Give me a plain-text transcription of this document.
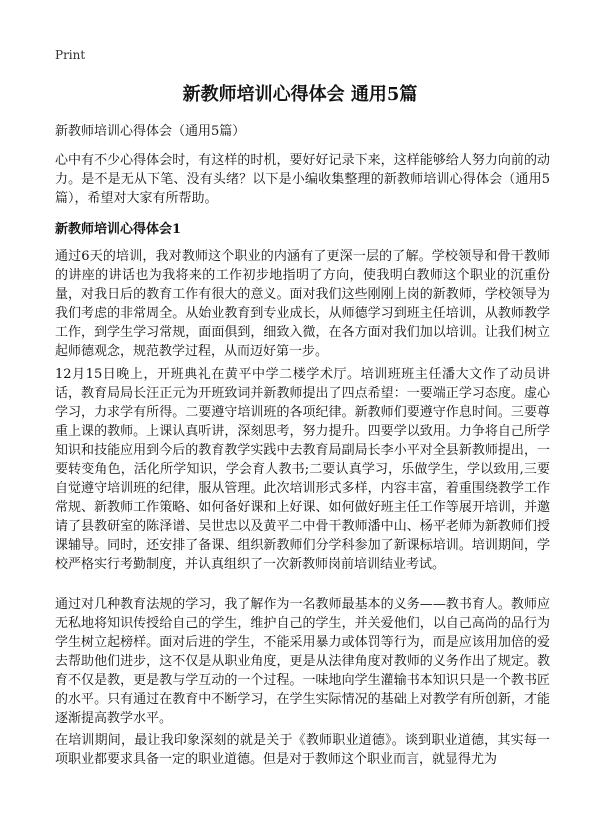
Print
新教师培训心得体会 通用5篇
新教师培训心得体会（通用5篇）

心中有不少心得体会时，有这样的时机，要好好记录下来，这样能够给人努力向前的动力。是不是无从下笔、没有头绪？以下是小编收集整理的新教师培训心得体会（通用5篇），希望对大家有所帮助。

新教师培训心得体会1

通过6天的培训，我对教师这个职业的内涵有了更深一层的了解。学校领导和骨干教师的讲座的讲话也为我将来的工作初步地指明了方向，使我明白教师这个职业的沉重份量，对我日后的教育工作有很大的意义。面对我们这些刚刚上岗的新教师，学校领导为我们考虑的非常周全。从始业教育到专业成长，从师德学习到班主任培训，从教师教学工作，到学生学习常规，面面俱到，细致入微，在各方面对我们加以培训。让我们树立起师德观念，规范教学过程，从而迈好第一步。

12月15日晚上，开班典礼在黄平中学二楼学术厅。培训班班主任潘大文作了动员讲话，教育局局长汪正元为开班致词并新教师提出了四点希望：一要端正学习态度。虚心学习，力求学有所得。二要遵守培训班的各项纪律。新教师们要遵守作息时间。三要尊重上课的教师。上课认真听讲，深刻思考，努力提升。四要学以致用。力争将自己所学知识和技能应用到今后的教育教学实践中去教育局副局长李小平对全县新教师提出，一要转变角色，活化所学知识，学会育人教书;二要认真学习，乐做学生，学以致用,三要自觉遵守培训班的纪律，服从管理。此次培训形式多样，内容丰富，着重围绕教学工作常规、新教师工作策略、如何备好课和上好课、如何做好班主任工作等展开培训，并邀请了县教研室的陈泽谱、吴世忠以及黄平二中骨干教师潘中山、杨平老师为新教师们授课辅导。同时，还安排了备课、组织新教师们分学科参加了新课标培训。培训期间，学校严格实行考勤制度，并认真组织了一次新教师岗前培训结业考试。

通过对几种教育法规的学习，我了解作为一名教师最基本的义务——教书育人。教师应无私地将知识传授给自己的学生，维护自己的学生，并关爱他们，以自己高尚的品行为学生树立起榜样。面对后进的学生，不能采用暴力或体罚等行为，而是应该用加倍的爱去帮助他们进步，这不仅是从职业角度，更是从法律角度对教师的义务作出了规定。教育不仅是教，更是教与学互动的一个过程。一味地向学生灌输书本知识只是一个教书匠的水平。只有通过在教育中不断学习，在学生实际情况的基础上对教学有所创新，才能逐渐提高教学水平。

在培训期间，最让我印象深刻的就是关于《教师职业道德》。谈到职业道德，其实每一项职业都要求具备一定的职业道德。但是对于教师这个职业而言，就显得尤为
